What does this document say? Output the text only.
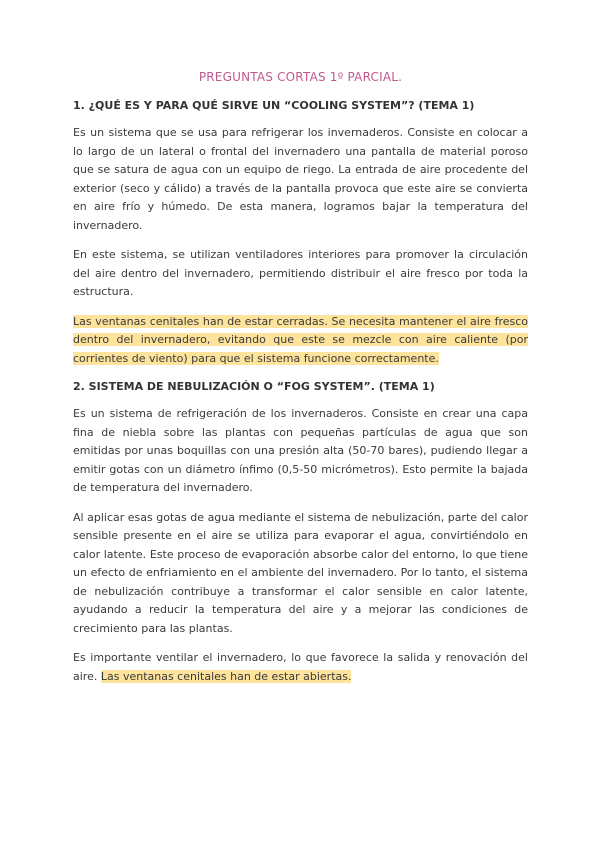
PREGUNTAS CORTAS 1º PARCIAL.

1. ¿QUÉ ES Y PARA QUÉ SIRVE UN “COOLING SYSTEM”? (TEMA 1)

Es un sistema que se usa para refrigerar los invernaderos. Consiste en colocar a lo largo de un lateral o frontal del invernadero una pantalla de material poroso que se satura de agua con un equipo de riego. La entrada de aire procedente del exterior (seco y cálido) a través de la pantalla provoca que este aire se convierta en aire frío y húmedo. De esta manera, logramos bajar la temperatura del invernadero.

En este sistema, se utilizan ventiladores interiores para promover la circulación del aire dentro del invernadero, permitiendo distribuir el aire fresco por toda la estructura.

Las ventanas cenitales han de estar cerradas. Se necesita mantener el aire fresco dentro del invernadero, evitando que este se mezcle con aire caliente (por corrientes de viento) para que el sistema funcione correctamente.

2. SISTEMA DE NEBULIZACIÓN O “FOG SYSTEM”. (TEMA 1)

Es un sistema de refrigeración de los invernaderos. Consiste en crear una capa fina de niebla sobre las plantas con pequeñas partículas de agua que son emitidas por unas boquillas con una presión alta (50-70 bares), pudiendo llegar a emitir gotas con un diámetro ínfimo (0,5-50 micrómetros). Esto permite la bajada de temperatura del invernadero.

Al aplicar esas gotas de agua mediante el sistema de nebulización, parte del calor sensible presente en el aire se utiliza para evaporar el agua, convirtiéndolo en calor latente. Este proceso de evaporación absorbe calor del entorno, lo que tiene un efecto de enfriamiento en el ambiente del invernadero. Por lo tanto, el sistema de nebulización contribuye a transformar el calor sensible en calor latente, ayudando a reducir la temperatura del aire y a mejorar las condiciones de crecimiento para las plantas.

Es importante ventilar el invernadero, lo que favorece la salida y renovación del aire. Las ventanas cenitales han de estar abiertas.
